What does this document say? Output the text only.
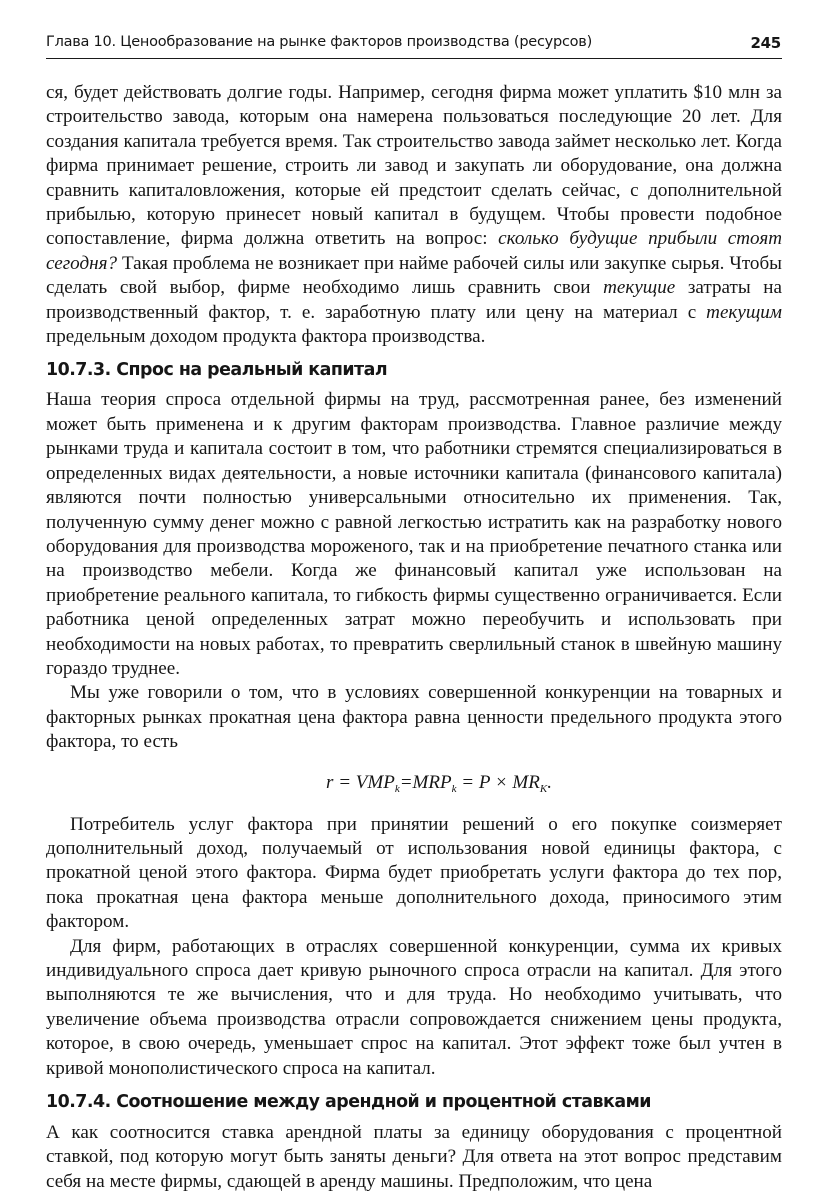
Глава 10. Ценообразование на рынке факторов производства (ресурсов)	245

ся, будет действовать долгие годы. Например, сегодня фирма может уплатить $10 млн за строительство завода, которым она намерена пользоваться последующие 20 лет. Для создания капитала требуется время. Так строительство завода займет несколько лет. Когда фирма принимает решение, строить ли завод и закупать ли оборудование, она должна сравнить капиталовложения, которые ей предстоит сделать сейчас, с дополнительной прибылью, которую принесет новый капитал в будущем. Чтобы провести подобное сопоставление, фирма должна ответить на вопрос: сколько будущие прибыли стоят сегодня? Такая проблема не возникает при найме рабочей силы или закупке сырья. Чтобы сделать свой выбор, фирме необходимо лишь сравнить свои текущие затраты на производственный фактор, т. е. заработную плату или цену на материал с текущим предельным доходом продукта фактора производства.

10.7.3. Спрос на реальный капитал

Наша теория спроса отдельной фирмы на труд, рассмотренная ранее, без изменений может быть применена и к другим факторам производства. Главное различие между рынками труда и капитала состоит в том, что работники стремятся специализироваться в определенных видах деятельности, а новые источники капитала (финансового капитала) являются почти полностью универсальными относительно их применения. Так, полученную сумму денег можно с равной легкостью истратить как на разработку нового оборудования для производства мороженого, так и на приобретение печатного станка или на производство мебели. Когда же финансовый капитал уже использован на приобретение реального капитала, то гибкость фирмы существенно ограничивается. Если работника ценой определенных затрат можно переобучить и использовать при необходимости на новых работах, то превратить сверлильный станок в швейную машину гораздо труднее.

Мы уже говорили о том, что в условиях совершенной конкуренции на товарных и факторных рынках прокатная цена фактора равна ценности предельного продукта этого фактора, то есть

$r = VMP_k=MRP_k = P \times MR_K$.

Потребитель услуг фактора при принятии решений о его покупке соизмеряет дополнительный доход, получаемый от использования новой единицы фактора, с прокатной ценой этого фактора. Фирма будет приобретать услуги фактора до тех пор, пока прокатная цена фактора меньше дополнительного дохода, приносимого этим фактором.

Для фирм, работающих в отраслях совершенной конкуренции, сумма их кривых индивидуального спроса дает кривую рыночного спроса отрасли на капитал. Для этого выполняются те же вычисления, что и для труда. Но необходимо учитывать, что увеличение объема производства отрасли сопровождается снижением цены продукта, которое, в свою очередь, уменьшает спрос на капитал. Этот эффект тоже был учтен в кривой монополистического спроса на капитал.

10.7.4. Соотношение между арендной и процентной ставками

А как соотносится ставка арендной платы за единицу оборудования с процентной ставкой, под которую могут быть заняты деньги? Для ответа на этот вопрос представим себя на месте фирмы, сдающей в аренду машины. Предположим, что цена
